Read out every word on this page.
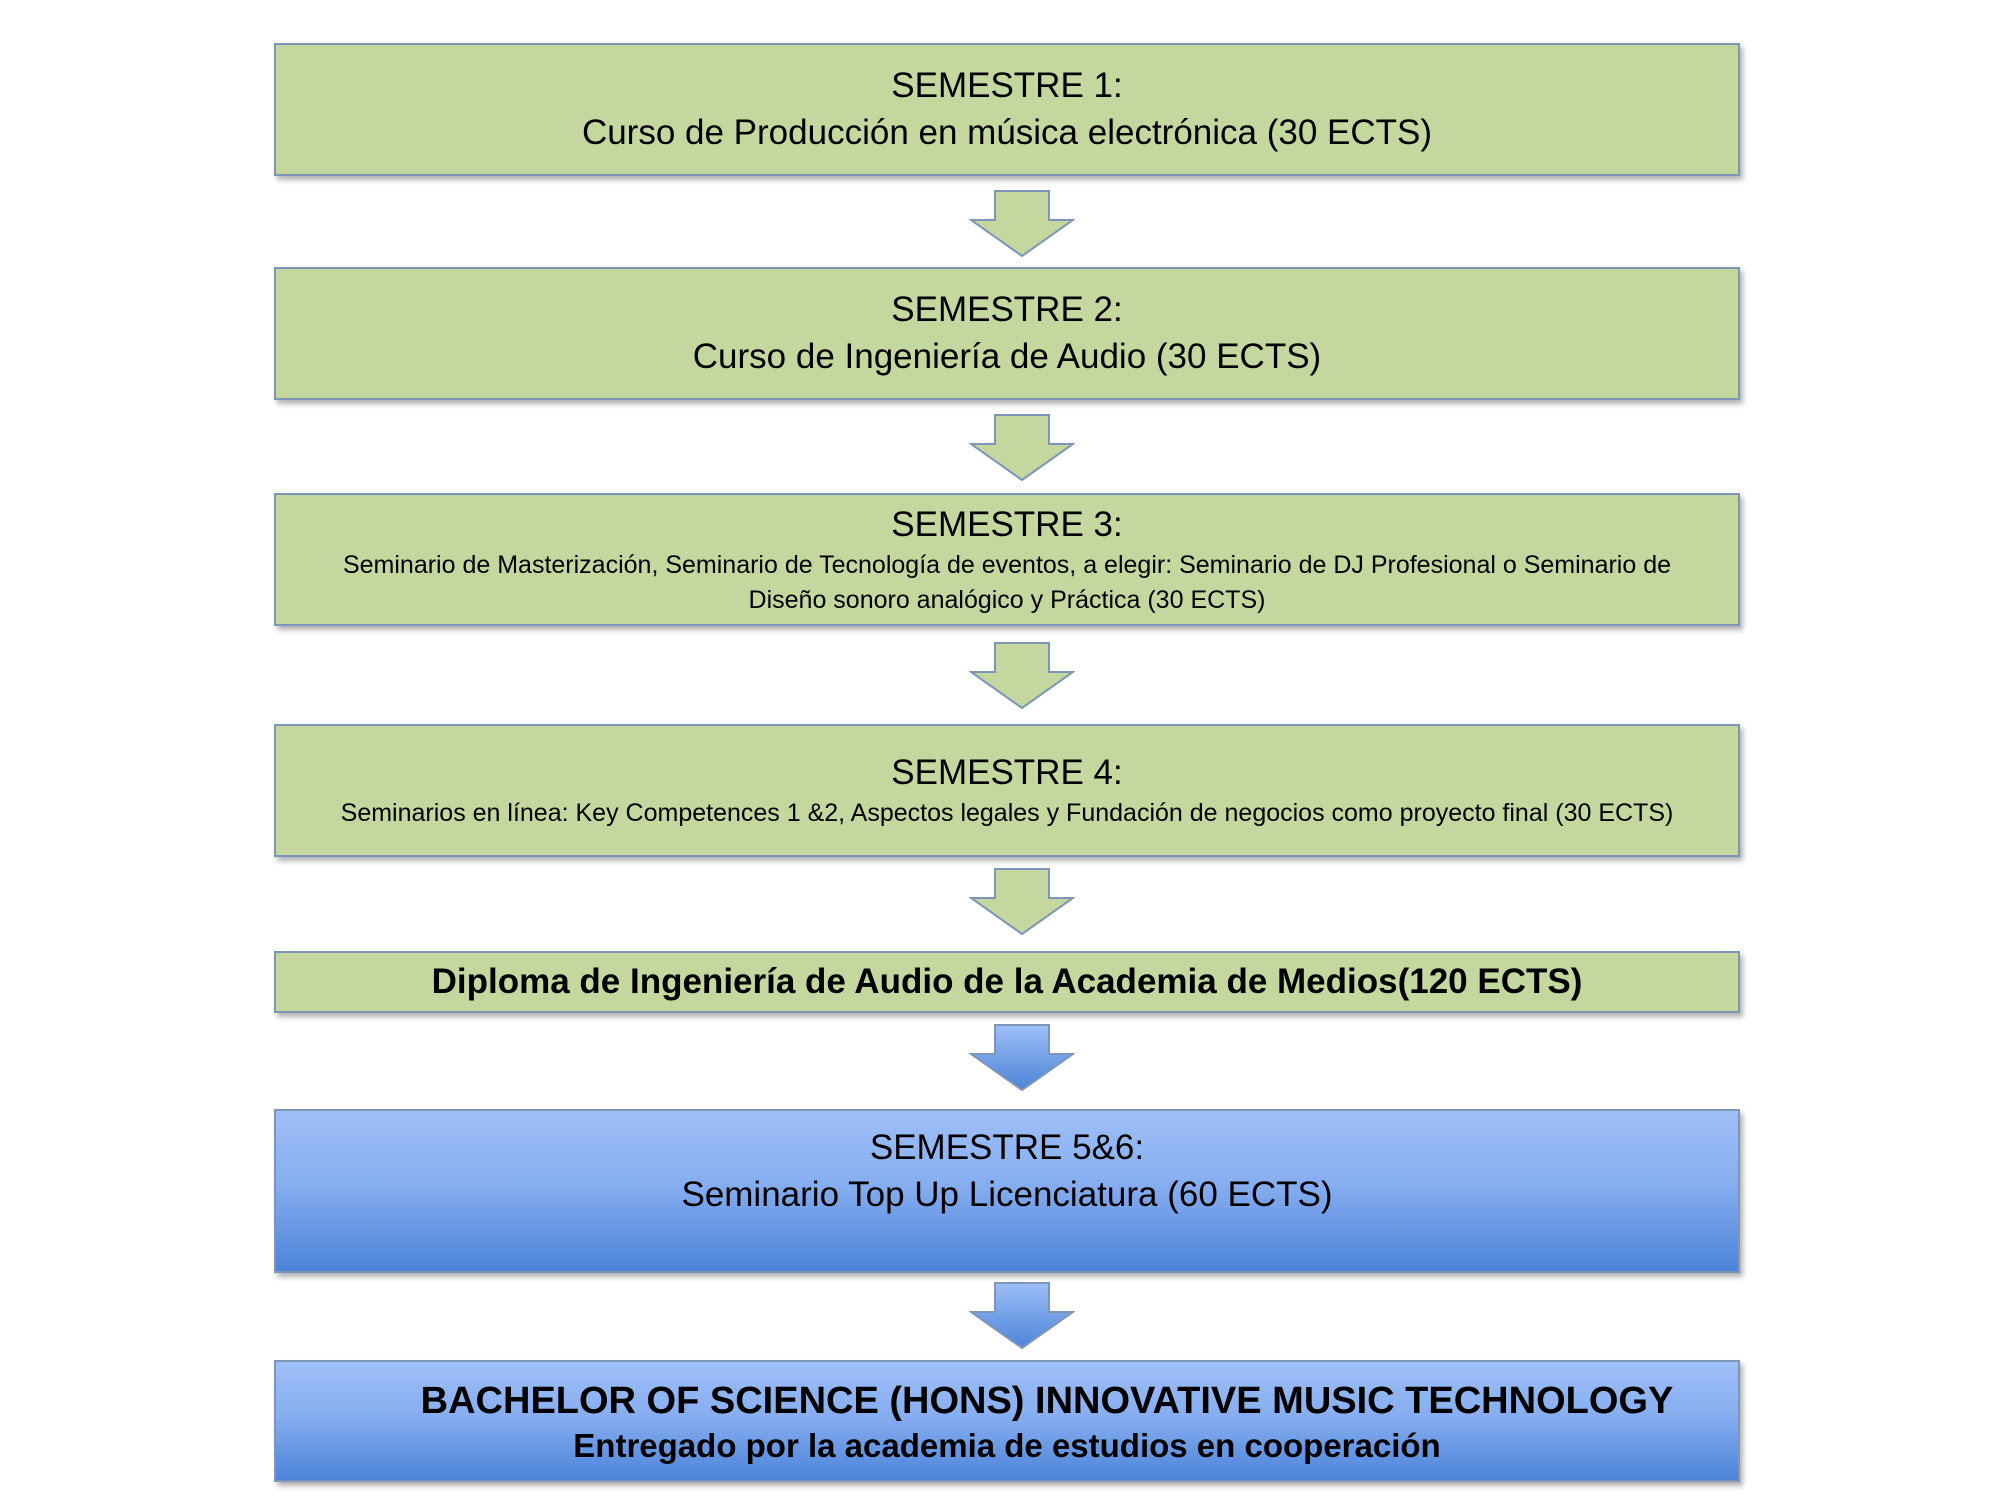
SEMESTRE 1:
Curso de Producción en música electrónica (30 ECTS)
SEMESTRE 2:
Curso de Ingeniería de Audio (30 ECTS)
SEMESTRE 3:
Seminario de Masterización, Seminario de Tecnología de eventos, a elegir: Seminario de DJ Profesional o Seminario de Diseño sonoro analógico y Práctica (30 ECTS)
SEMESTRE 4:
Seminarios en línea: Key Competences 1 &2, Aspectos legales y Fundación de negocios como proyecto final (30 ECTS)
Diploma de Ingeniería de Audio de la Academia de Medios(120 ECTS)
SEMESTRE 5&6:
Seminario Top Up Licenciatura (60 ECTS)
BACHELOR OF SCIENCE (HONS) INNOVATIVE MUSIC TECHNOLOGY
Entregado por la academia de estudios en cooperación
